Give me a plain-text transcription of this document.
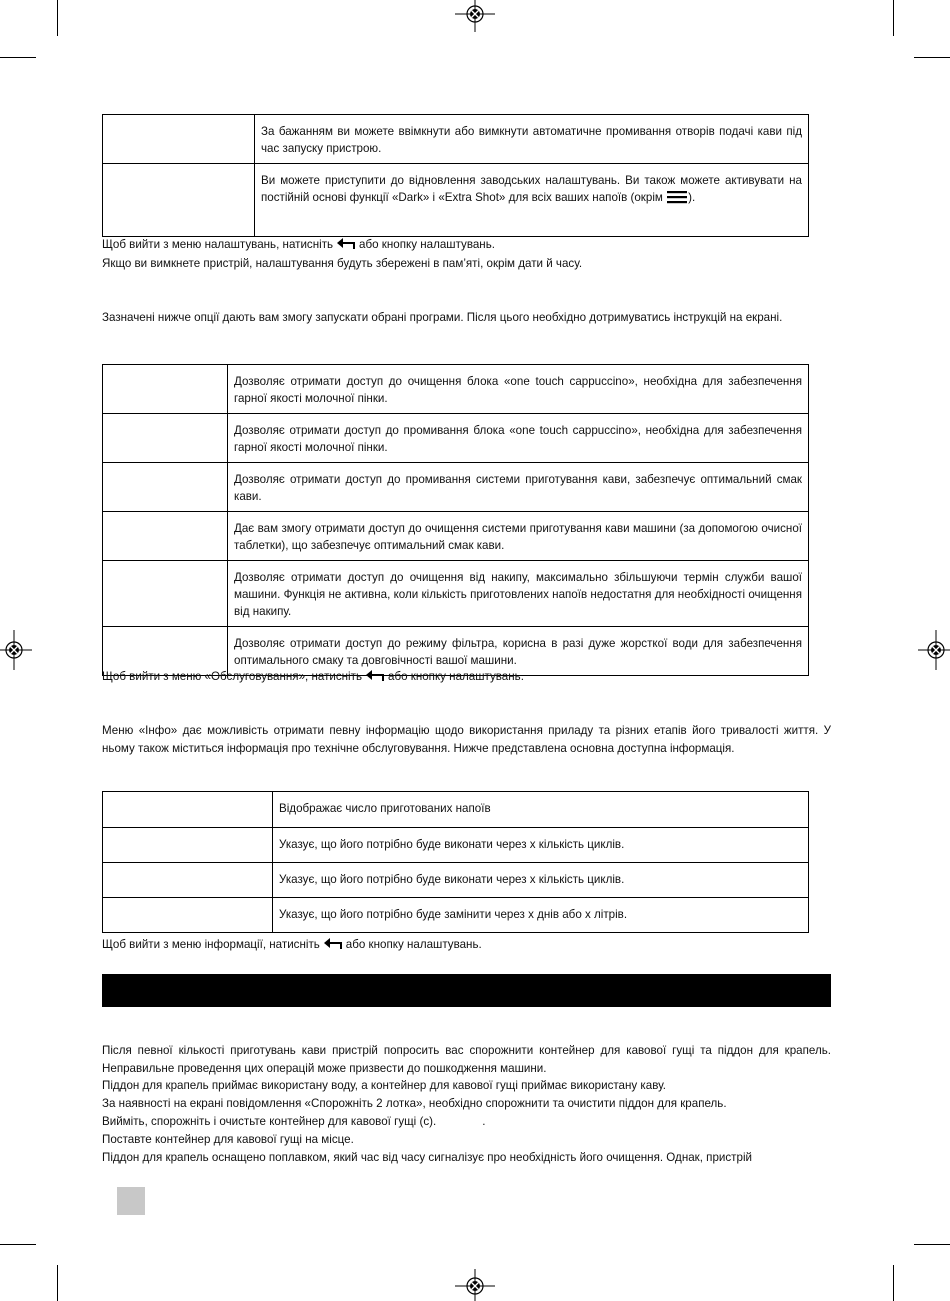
	За бажанням ви можете ввімкнути або вимкнути автоматичне промивання отворів подачі кави під час запуску пристрою.
	Ви можете приступити до відновлення заводських налаштувань. Ви також можете активувати на постійній основі функції «Dark» і «Extra Shot» для всіх ваших напоїв (окрім ).
Щоб вийти з меню налаштувань, натисніть або кнопку налаштувань.
Якщо ви вимкнете пристрій, налаштування будуть збережені в пам’яті, окрім дати й часу.

Зазначені нижче опції дають вам змогу запускати обрані програми. Після цього необхідно дотримуватись інструкцій на екрані.

	Дозволяє отримати доступ до очищення блока «one touch cappuccino», необхідна для забезпечення гарної якості молочної пінки.
	Дозволяє отримати доступ до промивання блока «one touch cappuccino», необхідна для забезпечення гарної якості молочної пінки.
	Дозволяє отримати доступ до промивання системи приготування кави, забезпечує оптимальний смак кави.
	Дає вам змогу отримати доступ до очищення системи приготування кави машини (за допомогою очисної таблетки), що забезпечує оптимальний смак кави.
	Дозволяє отримати доступ до очищення від накипу, максимально збільшуючи термін служби вашої машини. Функція не активна, коли кількість приготовлених напоїв недостатня для необхідності очищення від накипу.
	Дозволяє отримати доступ до режиму фільтра, корисна в разі дуже жорсткої води для забезпечення оптимального смаку та довговічності вашої машини.
Щоб вийти з меню «Обслуговування», натисніть або кнопку налаштувань.

Меню «Інфо» дає можливість отримати певну інформацію щодо використання приладу та різних етапів його тривалості життя. У ньому також міститься інформація про технічне обслуговування. Нижче представлена основна доступна інформація.

	Відображає число приготованих напоїв
	Указує, що його потрібно буде виконати через x кількість циклів.
	Указує, що його потрібно буде виконати через x кількість циклів.
	Указує, що його потрібно буде замінити через x днів або x літрів.
Щоб вийти з меню інформації, натисніть або кнопку налаштувань.

Після певної кількості приготувань кави пристрій попросить вас спорожнити контейнер для кавової гущі та піддон для крапель. Неправильне проведення цих операцій може призвести до пошкодження машини.

Піддон для крапель приймає використану воду, а контейнер для кавової гущі приймає використану каву.
За наявності на екрані повідомлення «Спорожніть 2 лотка», необхідно спорожнити та очистити піддон для крапель.
Вийміть, спорожніть і очистьте контейнер для кавової гущі (c).	.
Поставте контейнер для кавової гущі на місце.
Піддон для крапель оснащено поплавком, який час від часу сигналізує про необхідність його очищення. Однак, пристрій
